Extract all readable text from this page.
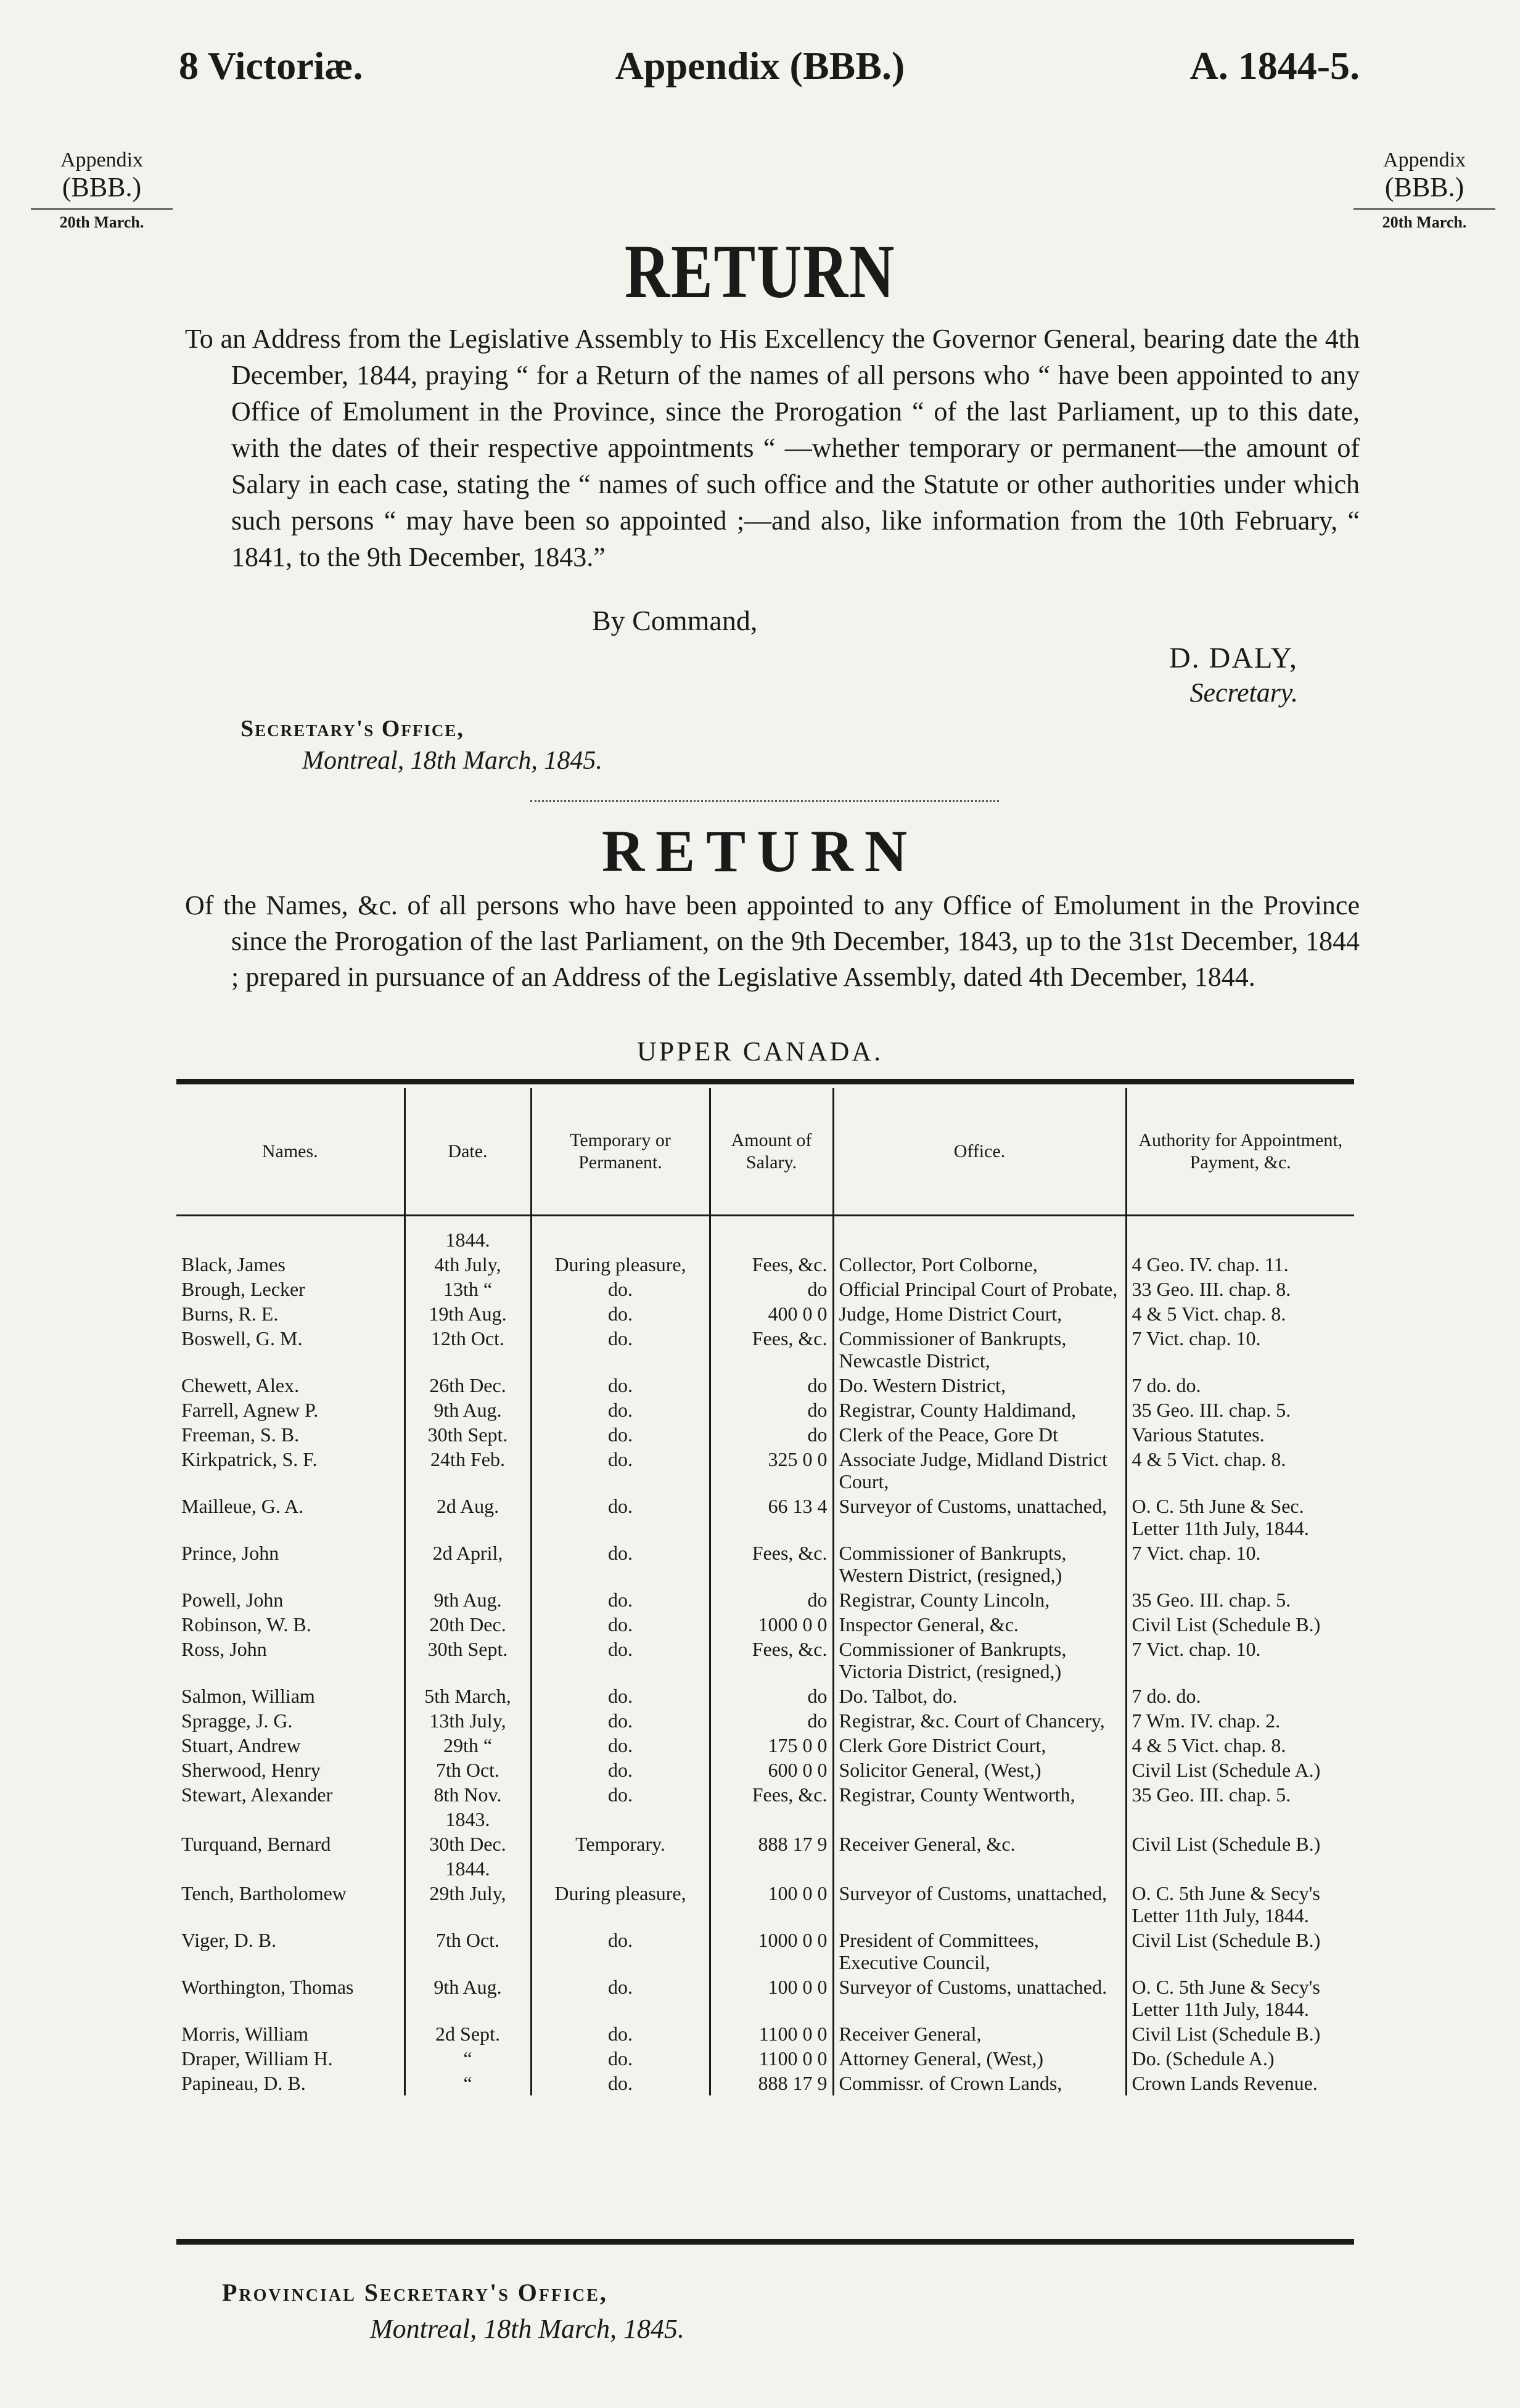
8 Victoriæ.	Appendix (BBB.)	A. 1844-5.
Appendix
(BBB.)
20th March.
Appendix
(BBB.)
20th March.
RETURN
To an Address from the Legislative Assembly to His Excellency the Governor General, bearing date the 4th December, 1844, praying “ for a Return of the names of all persons who “ have been appointed to any Office of Emolument in the Province, since the Prorogation “ of the last Parliament, up to this date, with the dates of their respective appointments “ —whether temporary or permanent—the amount of Salary in each case, stating the “ names of such office and the Statute or other authorities under which such persons “ may have been so appointed ;—and also, like information from the 10th February, “ 1841, to the 9th December, 1843.”
By Command,
D. DALY,
Secretary.
Secretary's Office,
Montreal, 18th March, 1845.
RETURN
Of the Names, &c. of all persons who have been appointed to any Office of Emolument in the Province since the Prorogation of the last Parliament, on the 9th December, 1843, up to the 31st December, 1844 ; prepared in pursuance of an Address of the Legislative Assembly, dated 4th December, 1844.
UPPER CANADA.
Names.	Date.	Temporary or Permanent.	Amount of Salary.	Office.	Authority for Appointment, Payment, &c.

	1844.				
Black, James	4th July,	During pleasure,	Fees, &c.	Collector, Port Colborne,	4 Geo. IV. chap. 11.
Brough, Lecker	13th “	do.	do	Official Principal Court of Probate,	33 Geo. III. chap. 8.
Burns, R. E.	19th Aug.	do.	400 0 0	Judge, Home District Court,	4 & 5 Vict. chap. 8.
Boswell, G. M.	12th Oct.	do.	Fees, &c.	Commissioner of Bankrupts, Newcastle District,	7 Vict. chap. 10.
Chewett, Alex.	26th Dec.	do.	do	Do. Western District,	7 do. do.
Farrell, Agnew P.	9th Aug.	do.	do	Registrar, County Haldimand,	35 Geo. III. chap. 5.
Freeman, S. B.	30th Sept.	do.	do	Clerk of the Peace, Gore Dt	Various Statutes.
Kirkpatrick, S. F.	24th Feb.	do.	325 0 0	Associate Judge, Midland District Court,	4 & 5 Vict. chap. 8.
Mailleue, G. A.	2d Aug.	do.	66 13 4	Surveyor of Customs, unattached,	O. C. 5th June & Sec. Letter 11th July, 1844.
Prince, John	2d April,	do.	Fees, &c.	Commissioner of Bankrupts, Western District, (resigned,)	7 Vict. chap. 10.
Powell, John	9th Aug.	do.	do	Registrar, County Lincoln,	35 Geo. III. chap. 5.
Robinson, W. B.	20th Dec.	do.	1000 0 0	Inspector General, &c.	Civil List (Schedule B.)
Ross, John	30th Sept.	do.	Fees, &c.	Commissioner of Bankrupts, Victoria District, (resigned,)	7 Vict. chap. 10.
Salmon, William	5th March,	do.	do	Do. Talbot, do.	7 do. do.
Spragge, J. G.	13th July,	do.	do	Registrar, &c. Court of Chancery,	7 Wm. IV. chap. 2.
Stuart, Andrew	29th “	do.	175 0 0	Clerk Gore District Court,	4 & 5 Vict. chap. 8.
Sherwood, Henry	7th Oct.	do.	600 0 0	Solicitor General, (West,)	Civil List (Schedule A.)
Stewart, Alexander	8th Nov.	do.	Fees, &c.	Registrar, County Wentworth,	35 Geo. III. chap. 5.
	1843.				
Turquand, Bernard	30th Dec.	Temporary.	888 17 9	Receiver General, &c.	Civil List (Schedule B.)
	1844.				
Tench, Bartholomew	29th July,	During pleasure,	100 0 0	Surveyor of Customs, unattached,	O. C. 5th June & Secy's Letter 11th July, 1844.
Viger, D. B.	7th Oct.	do.	1000 0 0	President of Committees, Executive Council,	Civil List (Schedule B.)
Worthington, Thomas	9th Aug.	do.	100 0 0	Surveyor of Customs, unattached.	O. C. 5th June & Secy's Letter 11th July, 1844.
Morris, William	2d Sept.	do.	1100 0 0	Receiver General,	Civil List (Schedule B.)
Draper, William H.	“	do.	1100 0 0	Attorney General, (West,)	Do. (Schedule A.)
Papineau, D. B.	“	do.	888 17 9	Commissr. of Crown Lands,	Crown Lands Revenue.
Provincial Secretary's Office,
Montreal, 18th March, 1845.
